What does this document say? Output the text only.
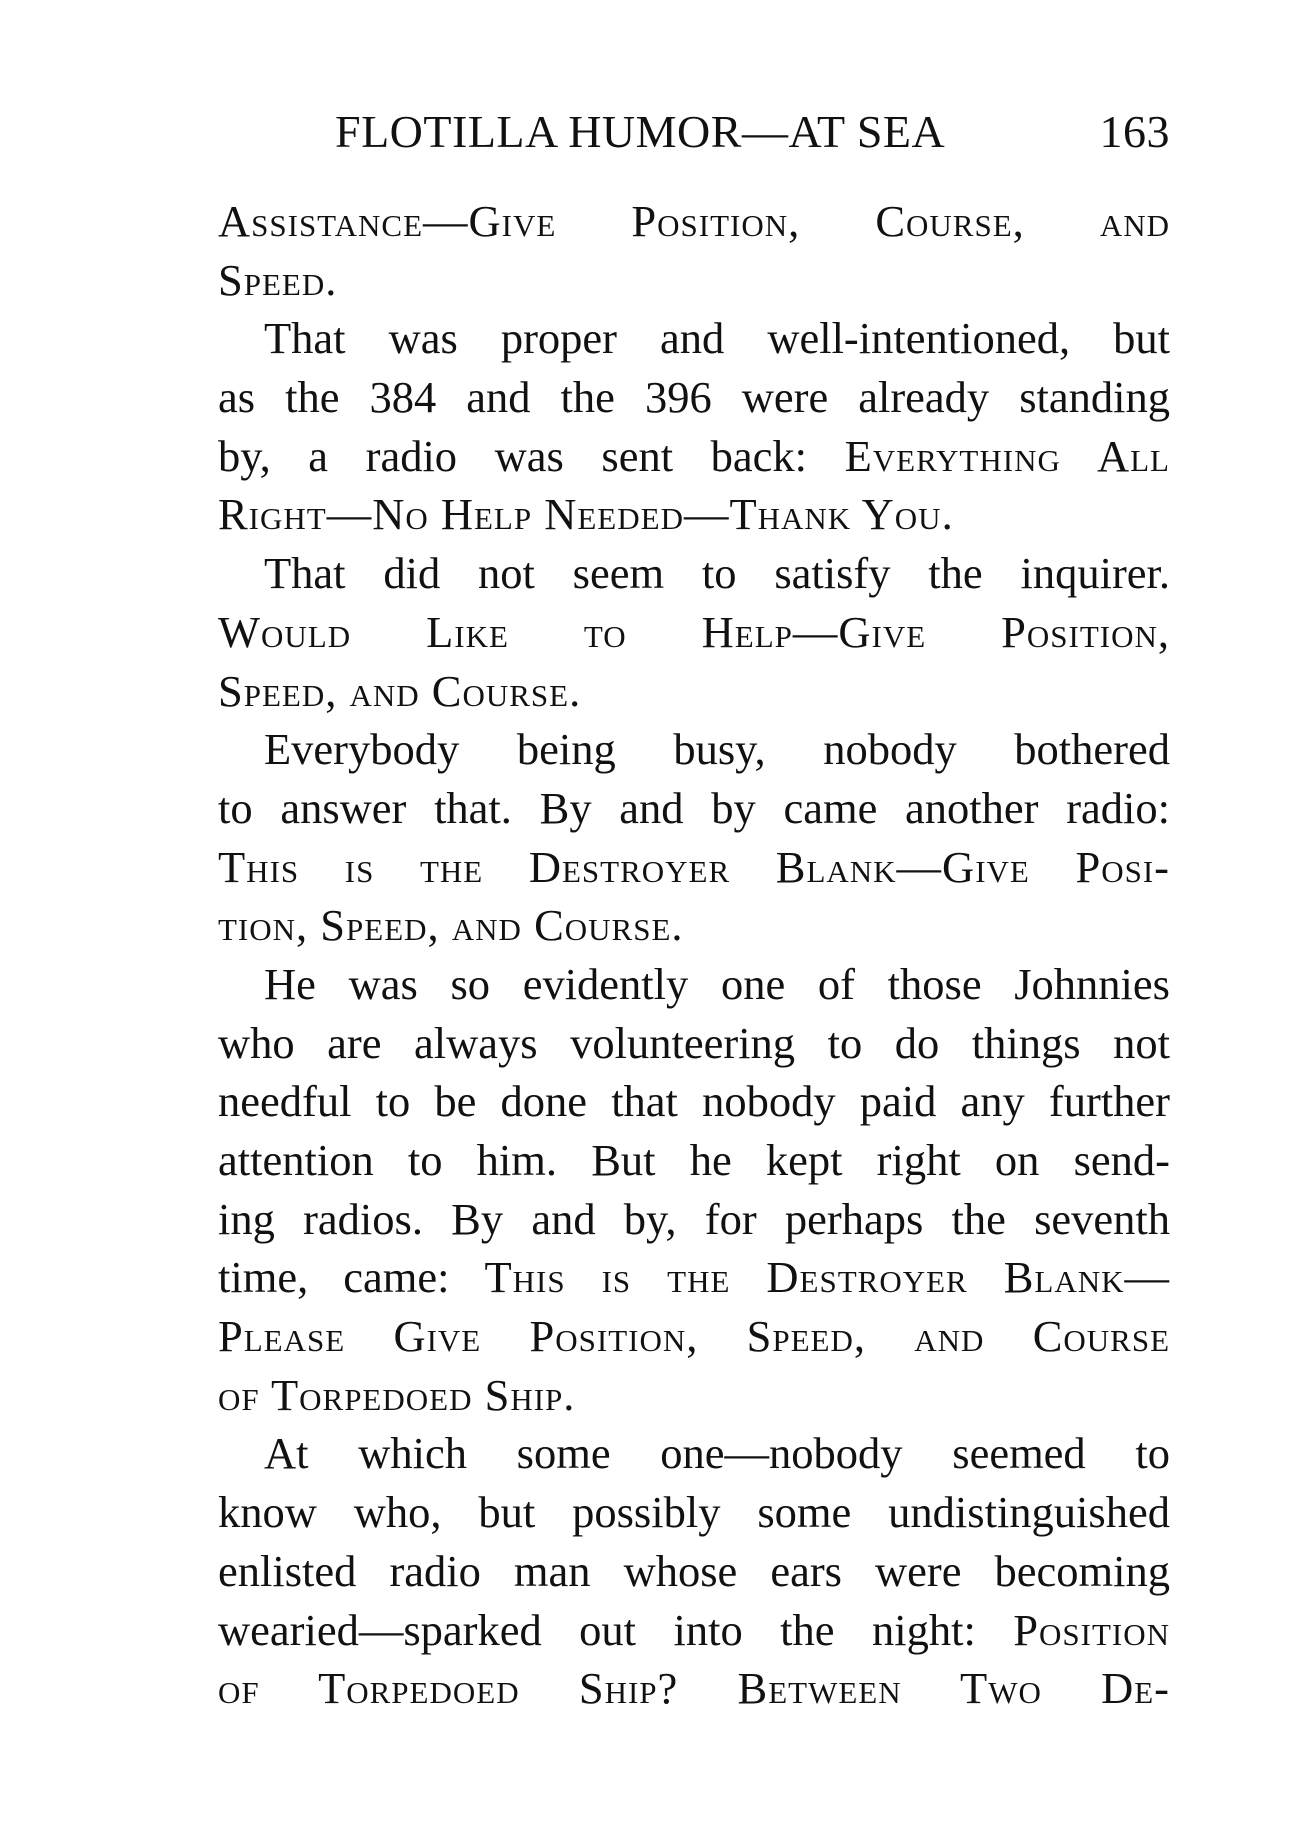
FLOTILLA HUMOR—AT SEA	163
Assistance—Give Position, Course, and
Speed.
That was proper and well-intentioned, but
as the 384 and the 396 were already standing
by, a radio was sent back: Everything All
Right—No Help Needed—Thank You.
That did not seem to satisfy the inquirer.
Would Like to Help—Give Position,
Speed, and Course.
Everybody being busy, nobody bothered
to answer that. By and by came another radio:
This is the Destroyer Blank—Give Posi-
tion, Speed, and Course.
He was so evidently one of those Johnnies
who are always volunteering to do things not
needful to be done that nobody paid any further
attention to him. But he kept right on send-
ing radios. By and by, for perhaps the seventh
time, came: This is the Destroyer Blank—
Please Give Position, Speed, and Course
of Torpedoed Ship.
At which some one—nobody seemed to
know who, but possibly some undistinguished
enlisted radio man whose ears were becoming
wearied—sparked out into the night: Position
of Torpedoed Ship? Between Two De-
